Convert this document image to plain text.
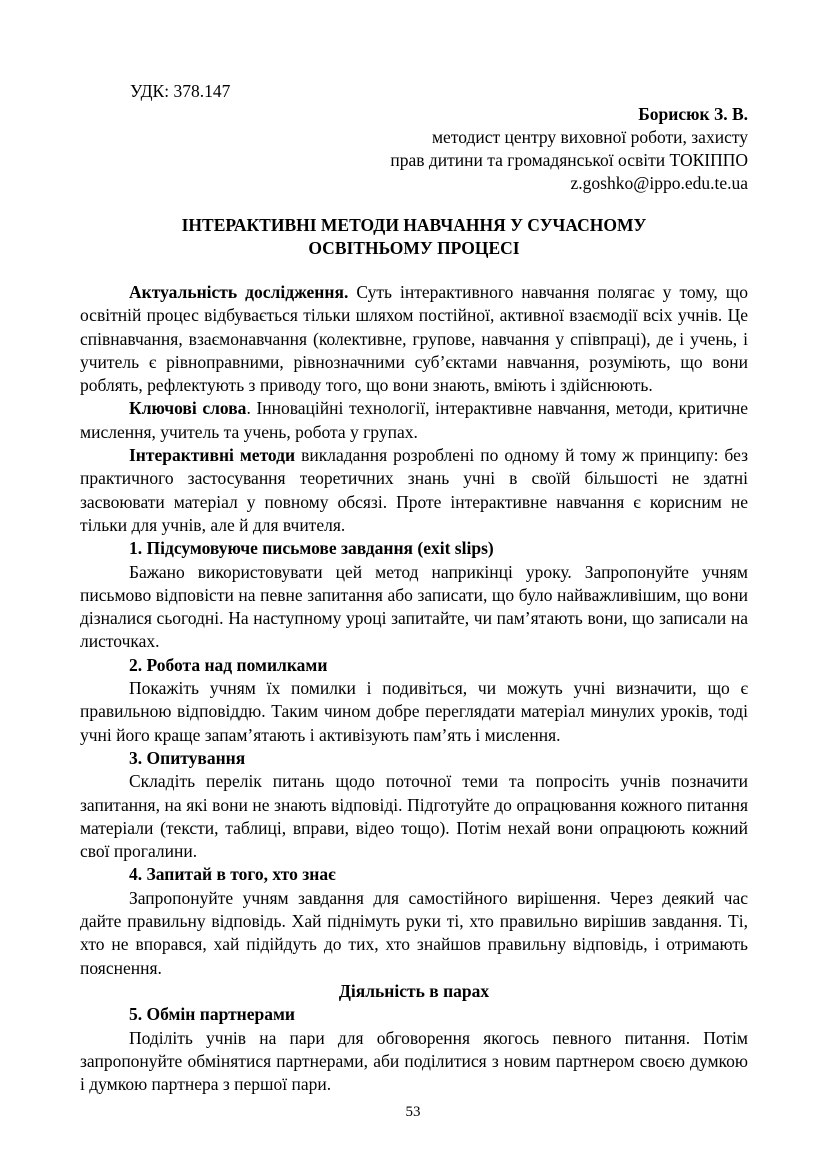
УДК: 378.147
Борисюк З. В.
методист центру виховної роботи, захисту
прав дитини та громадянської освіти ТОКІППО
z.goshko@ippo.edu.te.ua
ІНТЕРАКТИВНІ МЕТОДИ НАВЧАННЯ У СУЧАСНОМУ
ОСВІТНЬОМУ ПРОЦЕСІ

Актуальність дослідження. Суть інтерактивного навчання полягає у тому, що освітній процес відбувається тільки шляхом постійної, активної взаємодії всіх учнів. Це співнавчання, взаємонавчання (колективне, групове, навчання у співпраці), де і учень, і учитель є рівноправними, рівнозначними суб’єктами навчання, розуміють, що вони роблять, рефлектують з приводу того, що вони знають, вміють і здійснюють.

Ключові слова. Інноваційні технології, інтерактивне навчання, методи, критичне мислення, учитель та учень, робота у групах.

Інтерактивні методи викладання розроблені по одному й тому ж принципу: без практичного застосування теоретичних знань учні в своїй більшості не здатні засвоювати матеріал у повному обсязі. Проте інтерактивне навчання є корисним не тільки для учнів, але й для вчителя.

1. Підсумовуюче письмове завдання (exit slips)

Бажано використовувати цей метод наприкінці уроку. Запропонуйте учням письмово відповісти на певне запитання або записати, що було найважливішим, що вони дізналися сьогодні. На наступному уроці запитайте, чи пам’ятають вони, що записали на листочках.

2. Робота над помилками

Покажіть учням їх помилки і подивіться, чи можуть учні визначити, що є правильною відповіддю. Таким чином добре переглядати матеріал минулих уроків, тоді учні його краще запам’ятають і активізують пам’ять і мислення.

3. Опитування

Складіть перелік питань щодо поточної теми та попросіть учнів позначити запитання, на які вони не знають відповіді. Підготуйте до опрацювання кожного питання матеріали (тексти, таблиці, вправи, відео тощо). Потім нехай вони опрацюють кожний свої прогалини.

4. Запитай в того, хто знає

Запропонуйте учням завдання для самостійного вирішення. Через деякий час дайте правильну відповідь. Хай піднімуть руки ті, хто правильно вирішив завдання. Ті, хто не впорався, хай підійдуть до тих, хто знайшов правильну відповідь, і отримають пояснення.

Діяльність в парах

5. Обмін партнерами

Поділіть учнів на пари для обговорення якогось певного питання. Потім запропонуйте обмінятися партнерами, аби поділитися з новим партнером своєю думкою і думкою партнера з першої пари.

53
